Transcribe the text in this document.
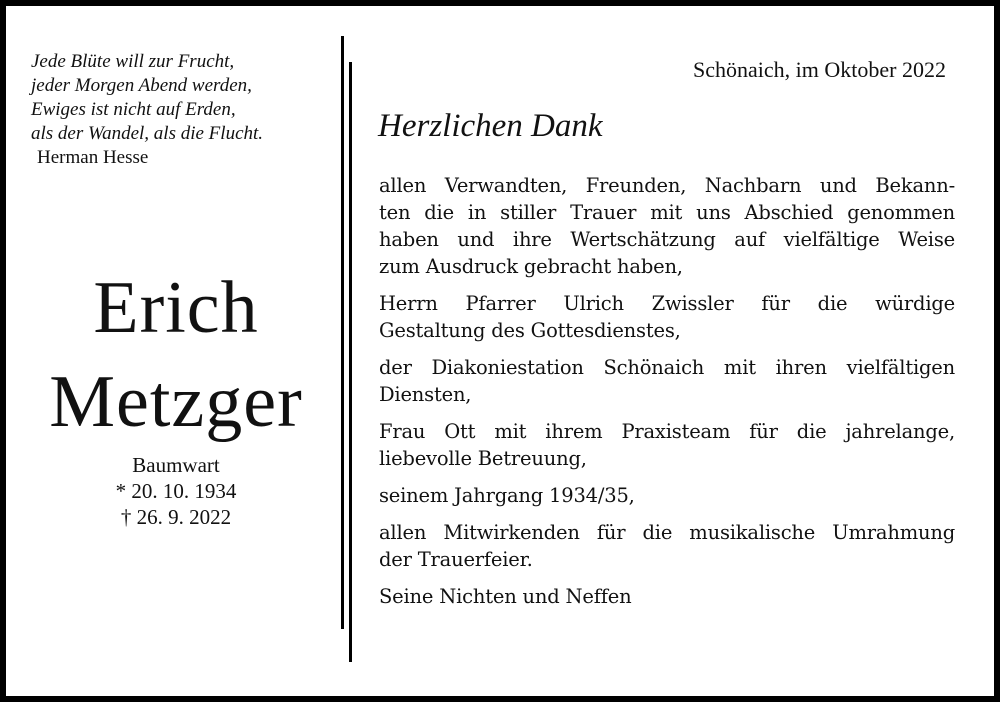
Jede Blüte will zur Frucht,
jeder Morgen Abend werden,
Ewiges ist nicht auf Erden,
als der Wandel, als die Flucht.
Herman Hesse
Erich
Metzger
Baumwart
* 20. 10. 1934
† 26. 9. 2022
Schönaich, im Oktober 2022
Herzlichen Dank
allen Verwandten, Freunden, Nachbarn und Bekann-
ten die in stiller Trauer mit uns Abschied genommen
haben und ihre Wertschätzung auf vielfältige Weise
zum Ausdruck gebracht haben,
Herrn Pfarrer Ulrich Zwissler für die würdige
Gestaltung des Gottesdienstes,
der Diakoniestation Schönaich mit ihren vielfältigen
Diensten,
Frau Ott mit ihrem Praxisteam für die jahrelange,
liebevolle Betreuung,
seinem Jahrgang 1934/35,
allen Mitwirkenden für die musikalische Umrahmung
der Trauerfeier.
Seine Nichten und Neffen
